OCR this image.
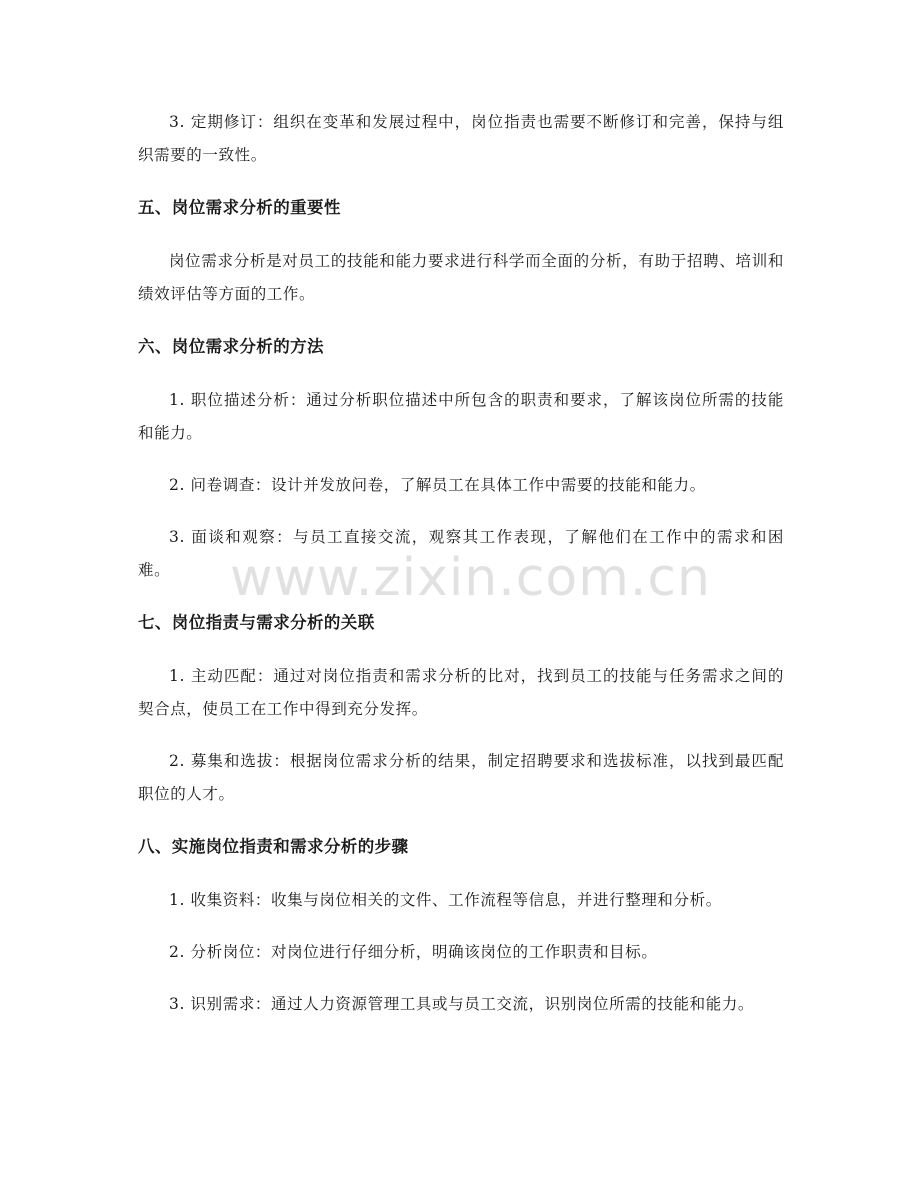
3. 定期修订：组织在变革和发展过程中，岗位指责也需要不断修订和完善，保持与组织需要的一致性。

五、岗位需求分析的重要性

岗位需求分析是对员工的技能和能力要求进行科学而全面的分析，有助于招聘、培训和绩效评估等方面的工作。

六、岗位需求分析的方法

1. 职位描述分析：通过分析职位描述中所包含的职责和要求，了解该岗位所需的技能和能力。

2. 问卷调查：设计并发放问卷，了解员工在具体工作中需要的技能和能力。

3. 面谈和观察：与员工直接交流，观察其工作表现，了解他们在工作中的需求和困难。

七、岗位指责与需求分析的关联

1. 主动匹配：通过对岗位指责和需求分析的比对，找到员工的技能与任务需求之间的契合点，使员工在工作中得到充分发挥。

2. 募集和选拔：根据岗位需求分析的结果，制定招聘要求和选拔标准，以找到最匹配职位的人才。

八、实施岗位指责和需求分析的步骤

1. 收集资料：收集与岗位相关的文件、工作流程等信息，并进行整理和分析。

2. 分析岗位：对岗位进行仔细分析，明确该岗位的工作职责和目标。

3. 识别需求：通过人力资源管理工具或与员工交流，识别岗位所需的技能和能力。

www.zixin.com.cn
